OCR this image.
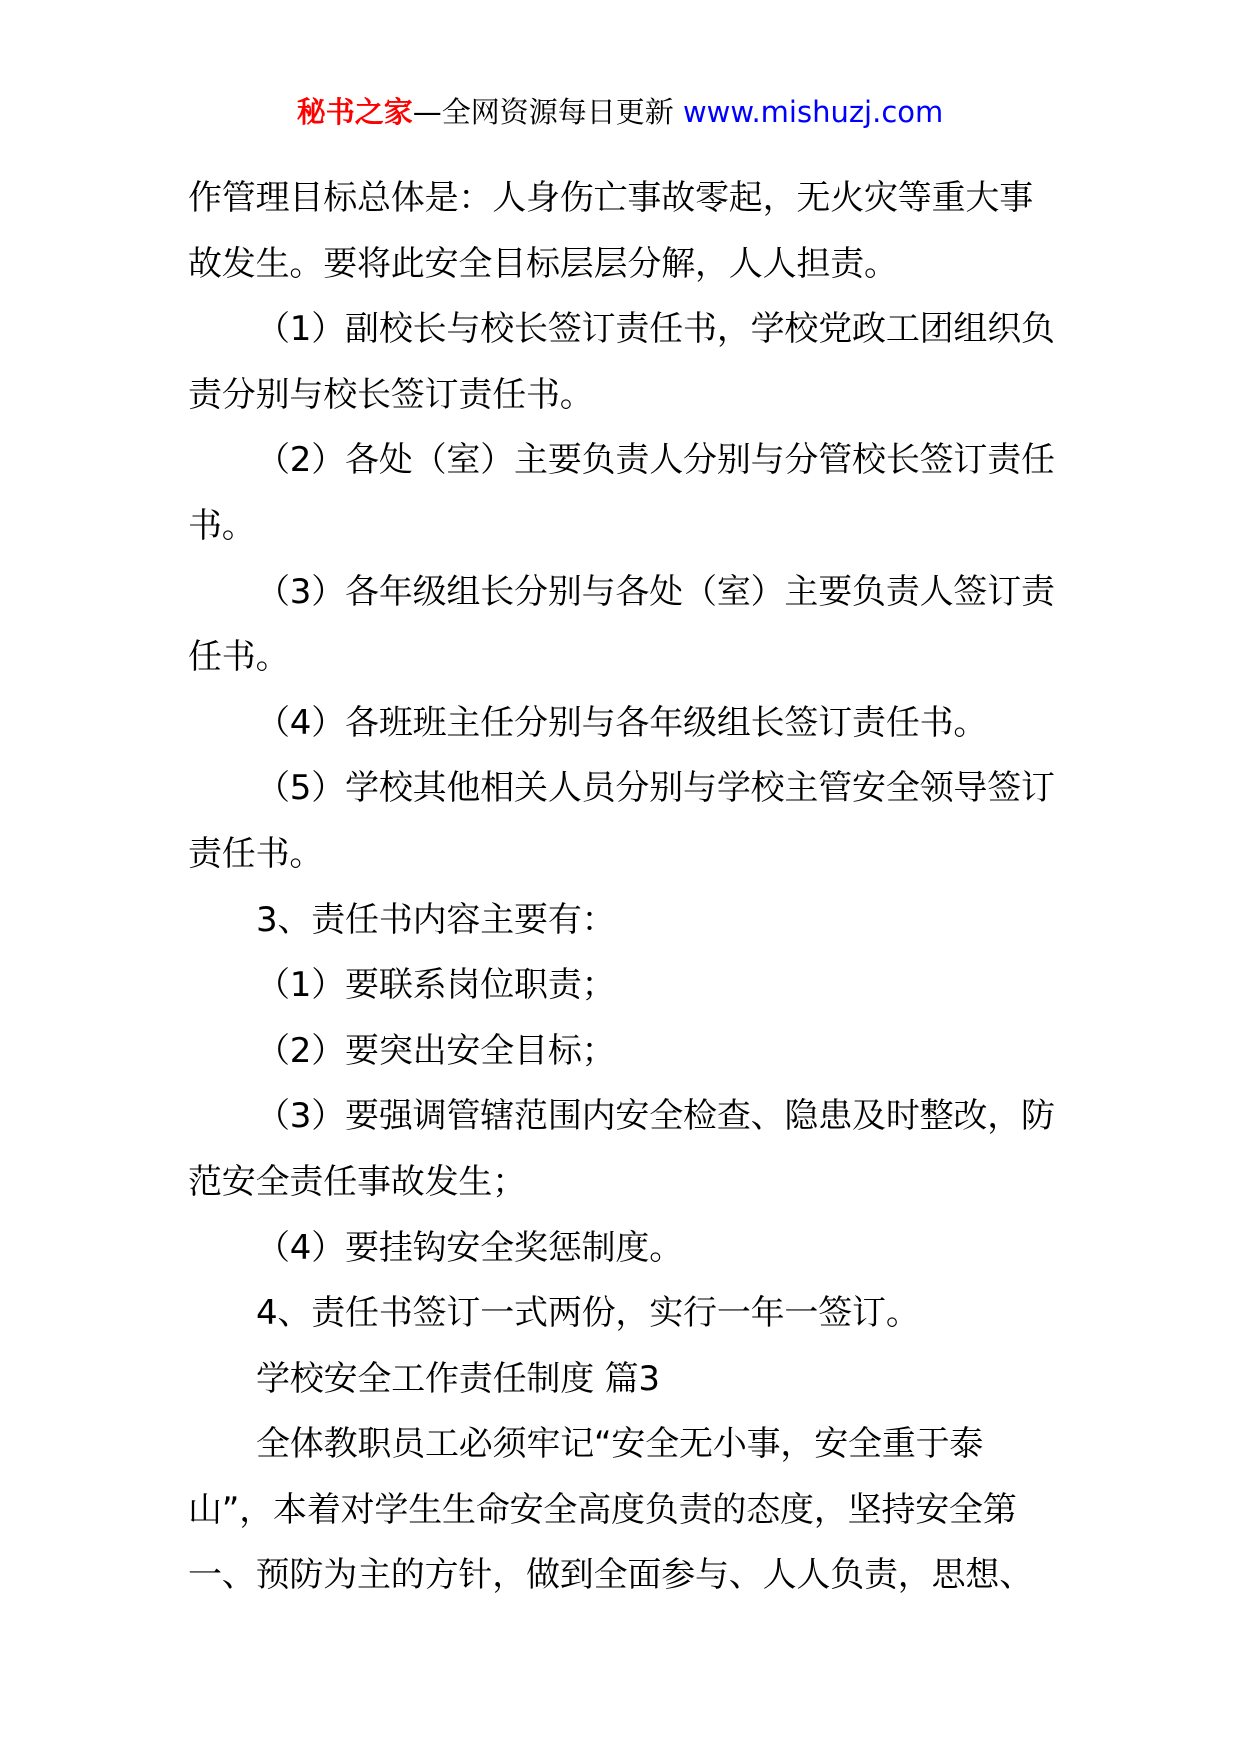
秘书之家—全网资源每日更新 www.mishuzj.com
作管理目标总体是：人身伤亡事故零起，无火灾等重大事
故发生。要将此安全目标层层分解，人人担责。
（1）副校长与校长签订责任书，学校党政工团组织负
责分别与校长签订责任书。
（2）各处（室）主要负责人分别与分管校长签订责任
书。
（3）各年级组长分别与各处（室）主要负责人签订责
任书。
（4）各班班主任分别与各年级组长签订责任书。
（5）学校其他相关人员分别与学校主管安全领导签订
责任书。
3、责任书内容主要有：
（1）要联系岗位职责；
（2）要突出安全目标；
（3）要强调管辖范围内安全检查、隐患及时整改，防
范安全责任事故发生；
（4）要挂钩安全奖惩制度。
4、责任书签订一式两份，实行一年一签订。
学校安全工作责任制度 篇3
全体教职员工必须牢记“安全无小事，安全重于泰
山”，本着对学生生命安全高度负责的态度，坚持安全第
一、预防为主的方针，做到全面参与、人人负责，思想、
